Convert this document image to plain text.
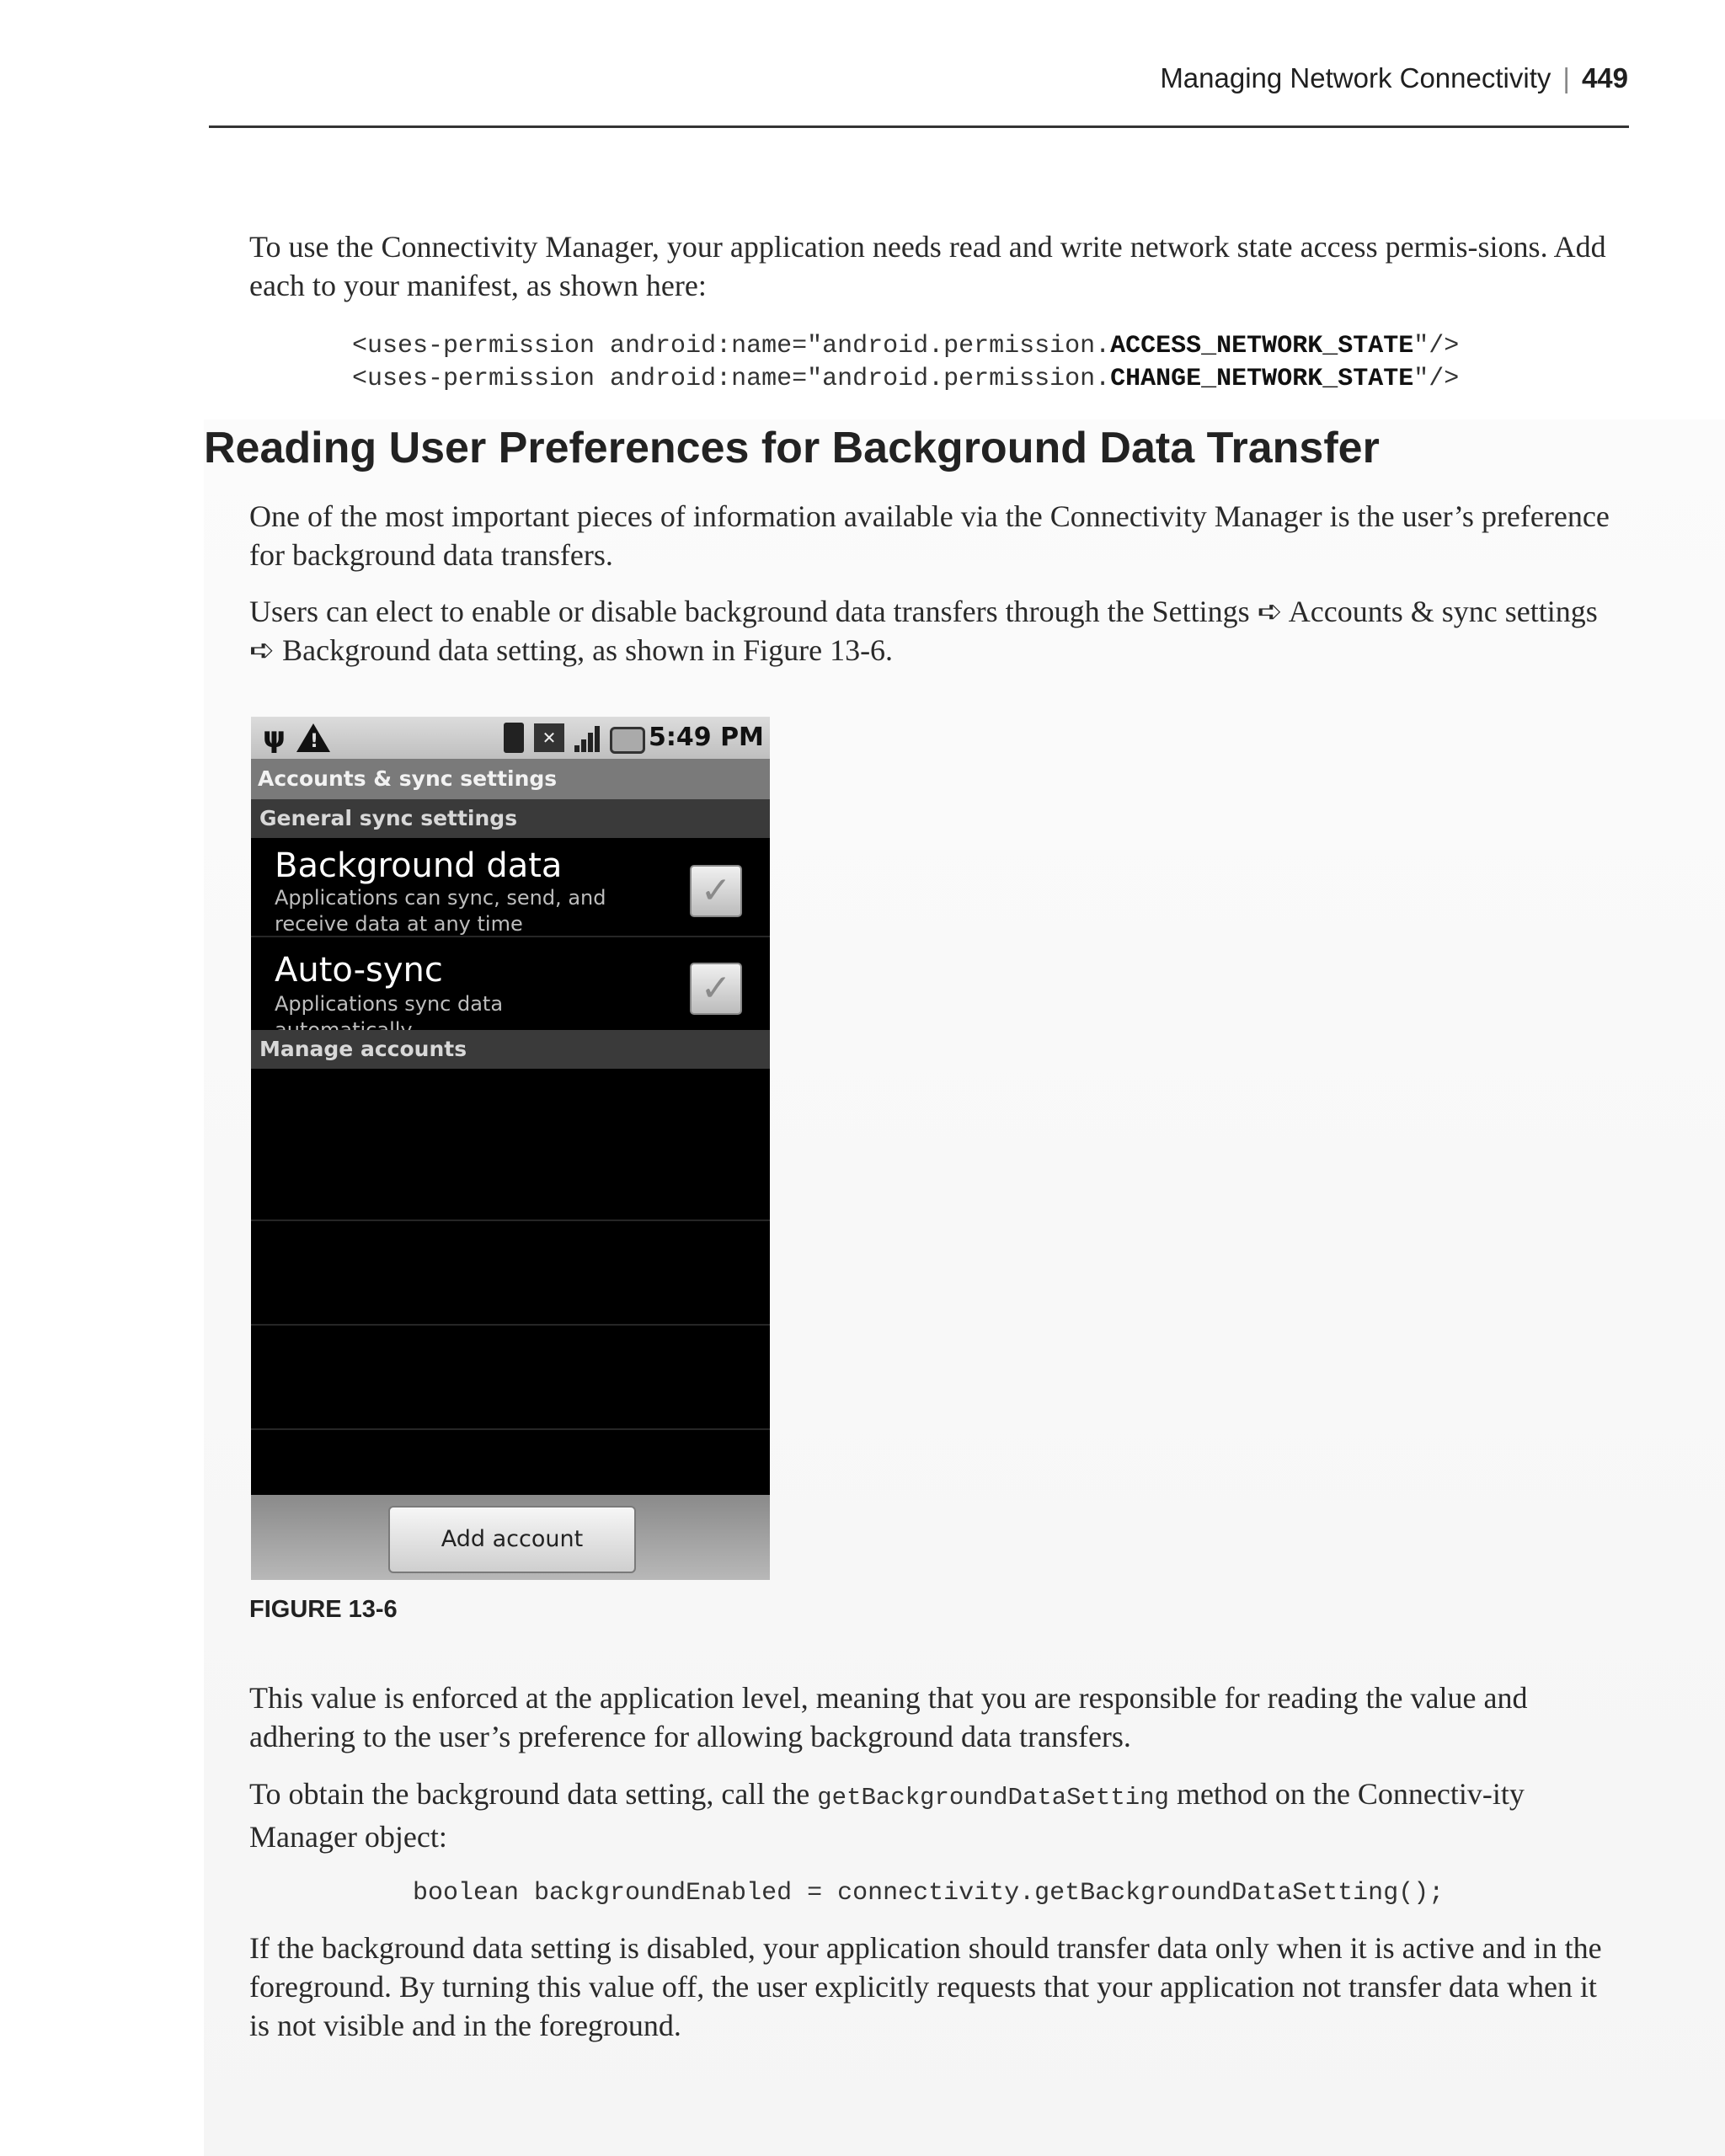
Managing Network Connectivity | 449
To use the Connectivity Manager, your application needs read and write network state access permis-sions. Add each to your manifest, as shown here:
<uses-permission android:name="android.permission.ACCESS_NETWORK_STATE"/>
<uses-permission android:name="android.permission.CHANGE_NETWORK_STATE"/>
Reading User Preferences for Background Data Transfer
One of the most important pieces of information available via the Connectivity Manager is the user’s preference for background data transfers.
Users can elect to enable or disable background data transfers through the Settings ➪ Accounts & sync settings ➪ Background data setting, as shown in Figure 13-6.
ψ !	✕	5:49 PM
Accounts & sync settings
General sync settings
Background data
Applications can sync, send, and receive data at any time
✓
Auto-sync
Applications sync data	✓
Manage accounts
Add account
FIGURE 13-6
This value is enforced at the application level, meaning that you are responsible for reading the value and adhering to the user’s preference for allowing background data transfers.
To obtain the background data setting, call the getBackgroundDataSetting method on the Connectiv-ity Manager object:
boolean backgroundEnabled = connectivity.getBackgroundDataSetting();
If the background data setting is disabled, your application should transfer data only when it is active and in the foreground. By turning this value off, the user explicitly requests that your application not transfer data when it is not visible and in the foreground.
